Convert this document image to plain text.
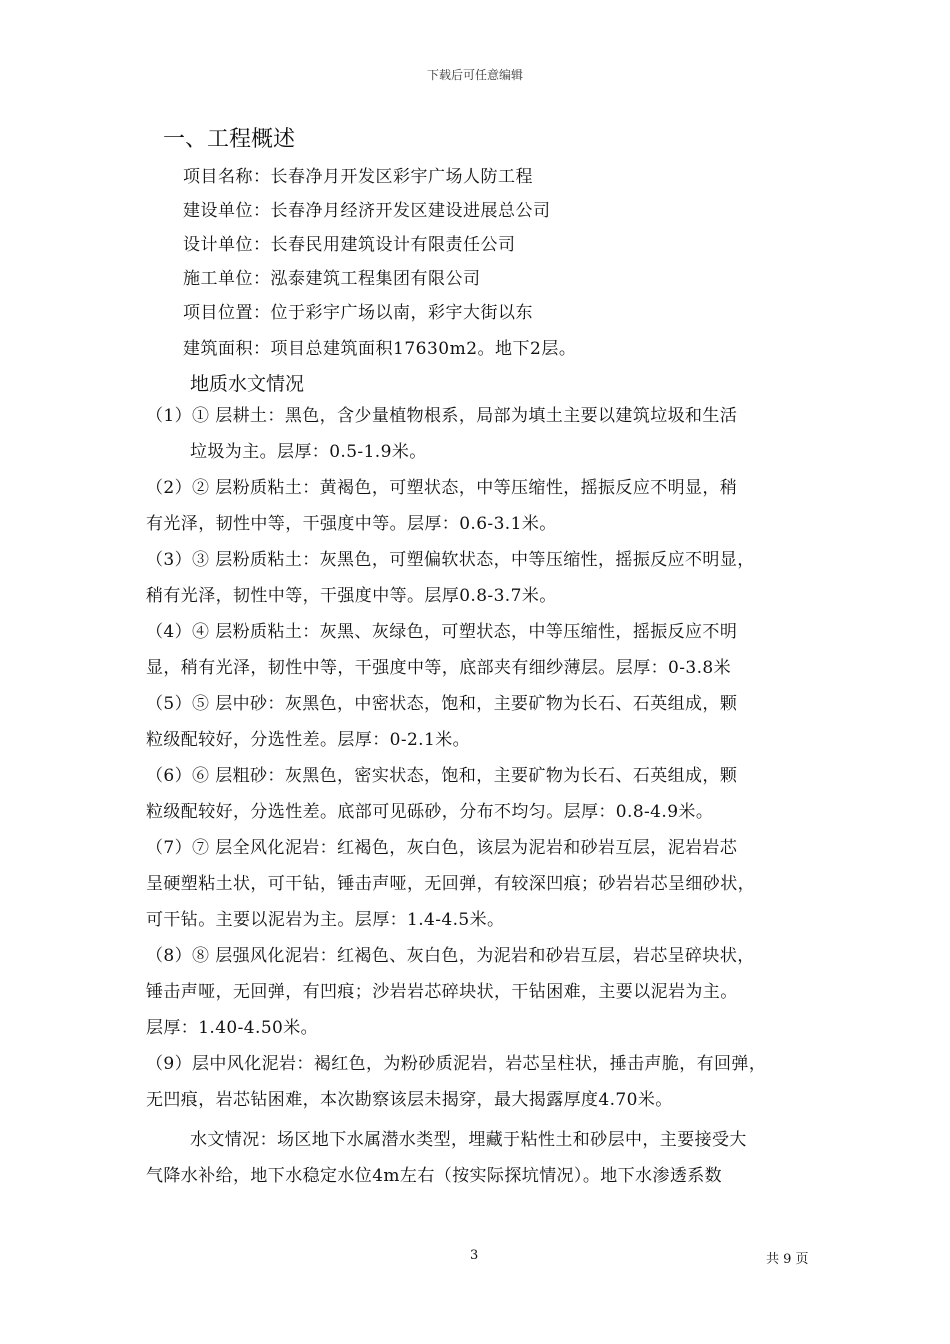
下载后可任意编辑
一、工程概述
项目名称：长春净月开发区彩宇广场人防工程
建设单位：长春净月经济开发区建设进展总公司
设计单位：长春民用建筑设计有限责任公司
施工单位：泓泰建筑工程集团有限公司
项目位置：位于彩宇广场以南，彩宇大街以东
建筑面积：项目总建筑面积17630m2。地下2层。
地质水文情况
（1）① 层耕土：黑色，含少量植物根系，局部为填土主要以建筑垃圾和生活
垃圾为主。层厚：0.5-1.9米。
（2）② 层粉质粘土：黄褐色，可塑状态，中等压缩性，摇振反应不明显，稍
有光泽，韧性中等，干强度中等。层厚：0.6-3.1米。
（3）③ 层粉质粘土：灰黑色，可塑偏软状态，中等压缩性，摇振反应不明显，
稍有光泽，韧性中等，干强度中等。层厚0.8-3.7米。
（4）④ 层粉质粘土：灰黑、灰绿色，可塑状态，中等压缩性，摇振反应不明
显，稍有光泽，韧性中等，干强度中等，底部夹有细纱薄层。层厚：0-3.8米
（5）⑤ 层中砂：灰黑色，中密状态，饱和，主要矿物为长石、石英组成，颗
粒级配较好，分选性差。层厚：0-2.1米。
（6）⑥ 层粗砂：灰黑色，密实状态，饱和，主要矿物为长石、石英组成，颗
粒级配较好，分选性差。底部可见砾砂，分布不均匀。层厚：0.8-4.9米。
（7）⑦ 层全风化泥岩：红褐色，灰白色，该层为泥岩和砂岩互层，泥岩岩芯
呈硬塑粘土状，可干钻，锤击声哑，无回弹，有较深凹痕；砂岩岩芯呈细砂状，
可干钻。主要以泥岩为主。层厚：1.4-4.5米。
（8）⑧ 层强风化泥岩：红褐色、灰白色，为泥岩和砂岩互层，岩芯呈碎块状，
锤击声哑，无回弹，有凹痕；沙岩岩芯碎块状，干钻困难，主要以泥岩为主。
层厚：1.40-4.50米。
（9）层中风化泥岩：褐红色，为粉砂质泥岩，岩芯呈柱状，捶击声脆，有回弹，
无凹痕，岩芯钻困难，本次勘察该层未揭穿，最大揭露厚度4.70米。
水文情况：场区地下水属潜水类型，埋藏于粘性土和砂层中，主要接受大
气降水补给，地下水稳定水位4m左右（按实际探坑情况）。地下水渗透系数
3	共 9 页
